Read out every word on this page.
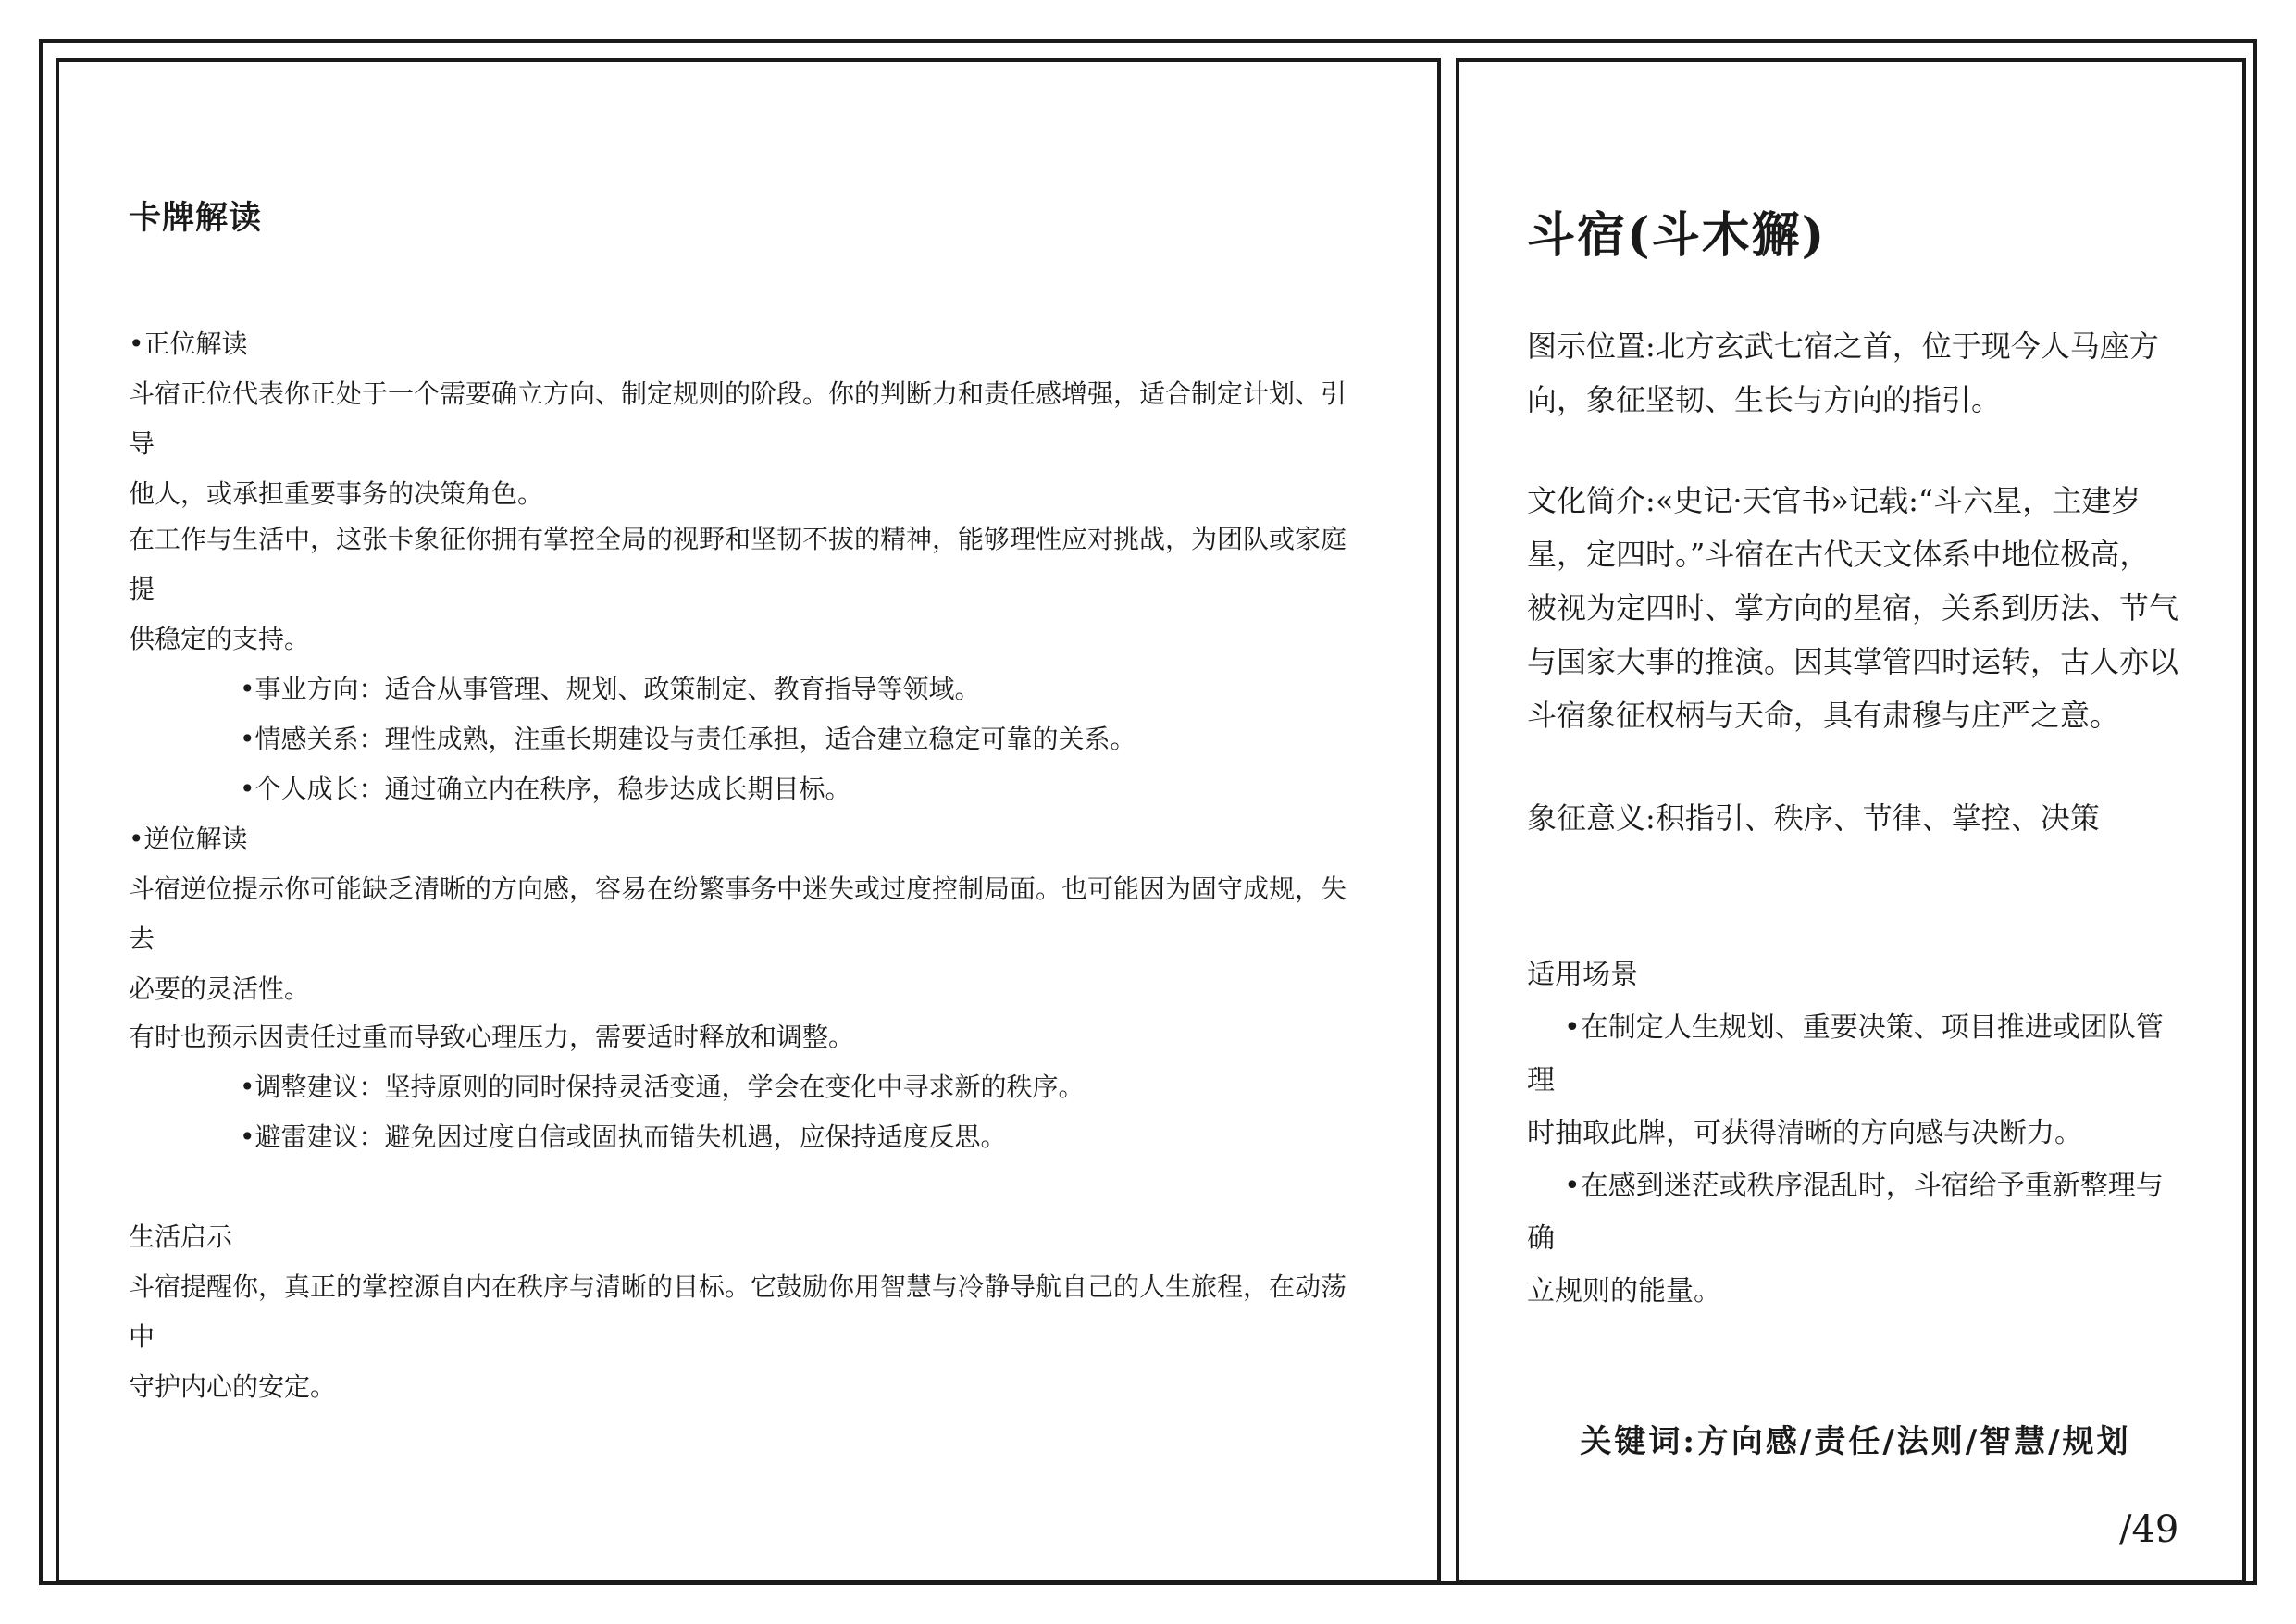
卡牌解读

•正位解读

斗宿正位代表你正处于一个需要确立方向、制定规则的阶段。你的判断力和责任感增强，适合制定计划、引导

他人，或承担重要事务的决策角色。

在工作与生活中，这张卡象征你拥有掌控全局的视野和坚韧不拔的精神，能够理性应对挑战，为团队或家庭提

供稳定的支持。

•事业方向：适合从事管理、规划、政策制定、教育指导等领域。

•情感关系：理性成熟，注重长期建设与责任承担，适合建立稳定可靠的关系。

•个人成长：通过确立内在秩序，稳步达成长期目标。

•逆位解读

斗宿逆位提示你可能缺乏清晰的方向感，容易在纷繁事务中迷失或过度控制局面。也可能因为固守成规，失去

必要的灵活性。

有时也预示因责任过重而导致心理压力，需要适时释放和调整。

•调整建议：坚持原则的同时保持灵活变通，学会在变化中寻求新的秩序。

•避雷建议：避免因过度自信或固执而错失机遇，应保持适度反思。

生活启示

斗宿提醒你，真正的掌控源自内在秩序与清晰的目标。它鼓励你用智慧与冷静导航自己的人生旅程，在动荡中

守护内心的安定。

斗宿(斗木獬)

图示位置:北方玄武七宿之首，位于现今人马座方

向，象征坚韧、生长与方向的指引。

文化简介:«史记·天官书»记载:“斗六星，主建岁

星，定四时。”斗宿在古代天文体系中地位极高，

被视为定四时、掌方向的星宿，关系到历法、节气

与国家大事的推演。因其掌管四时运转，古人亦以

斗宿象征权柄与天命，具有肃穆与庄严之意。

象征意义:积指引、秩序、节律、掌控、决策

适用场景

•在制定人生规划、重要决策、项目推进或团队管理

时抽取此牌，可获得清晰的方向感与决断力。

•在感到迷茫或秩序混乱时，斗宿给予重新整理与确

立规则的能量。

关键词:方向感/责任/法则/智慧/规划
/49
